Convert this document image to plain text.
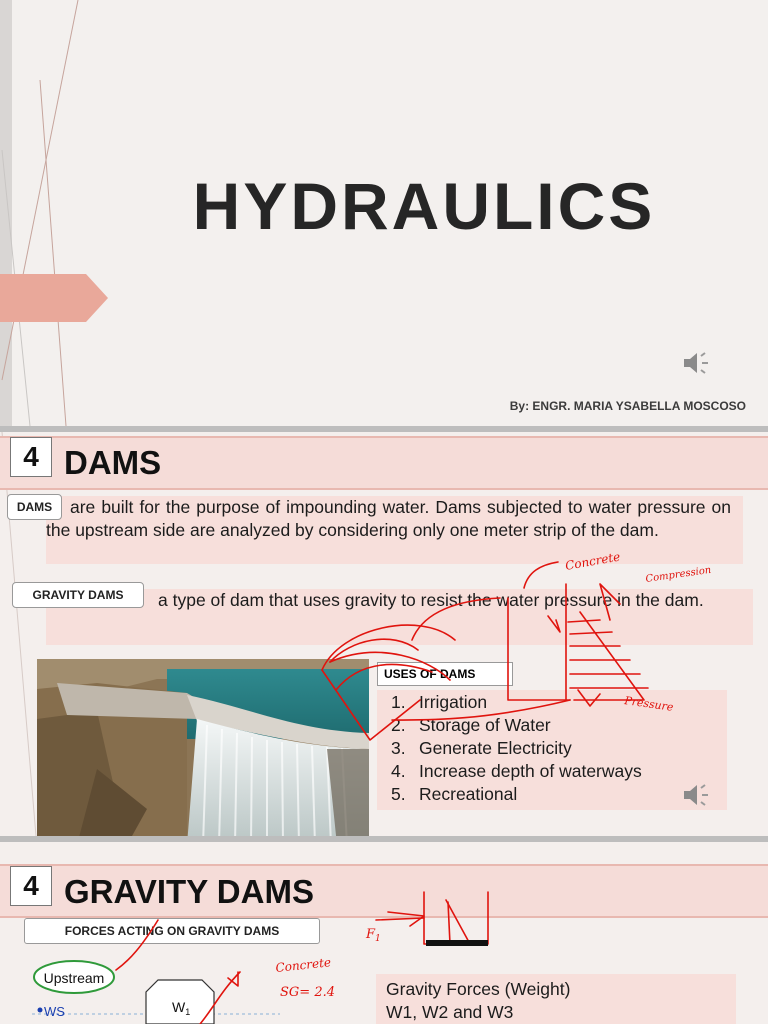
HYDRAULICS
By: ENGR. MARIA YSABELLA MOSCOSO
4 DAMS
are built for the purpose of impounding water. Dams subjected to water pressure on the upstream side are analyzed by considering only one meter strip of the dam.
DAMS
a type of dam that uses gravity to resist the water pressure in the dam.
GRAVITY DAMS
USES OF DAMS
1. Irrigation
2. Storage of Water
3. Generate Electricity
4. Increase depth of waterways
5. Recreational
4 GRAVITY DAMS
FORCES ACTING ON GRAVITY DAMS
Upstream
WS	$W_1$
Gravity Forces (Weight)
W1, W2 and W3
Concrete
Compression
Pressure
Concrete
SG= 2.4
$F_1$
